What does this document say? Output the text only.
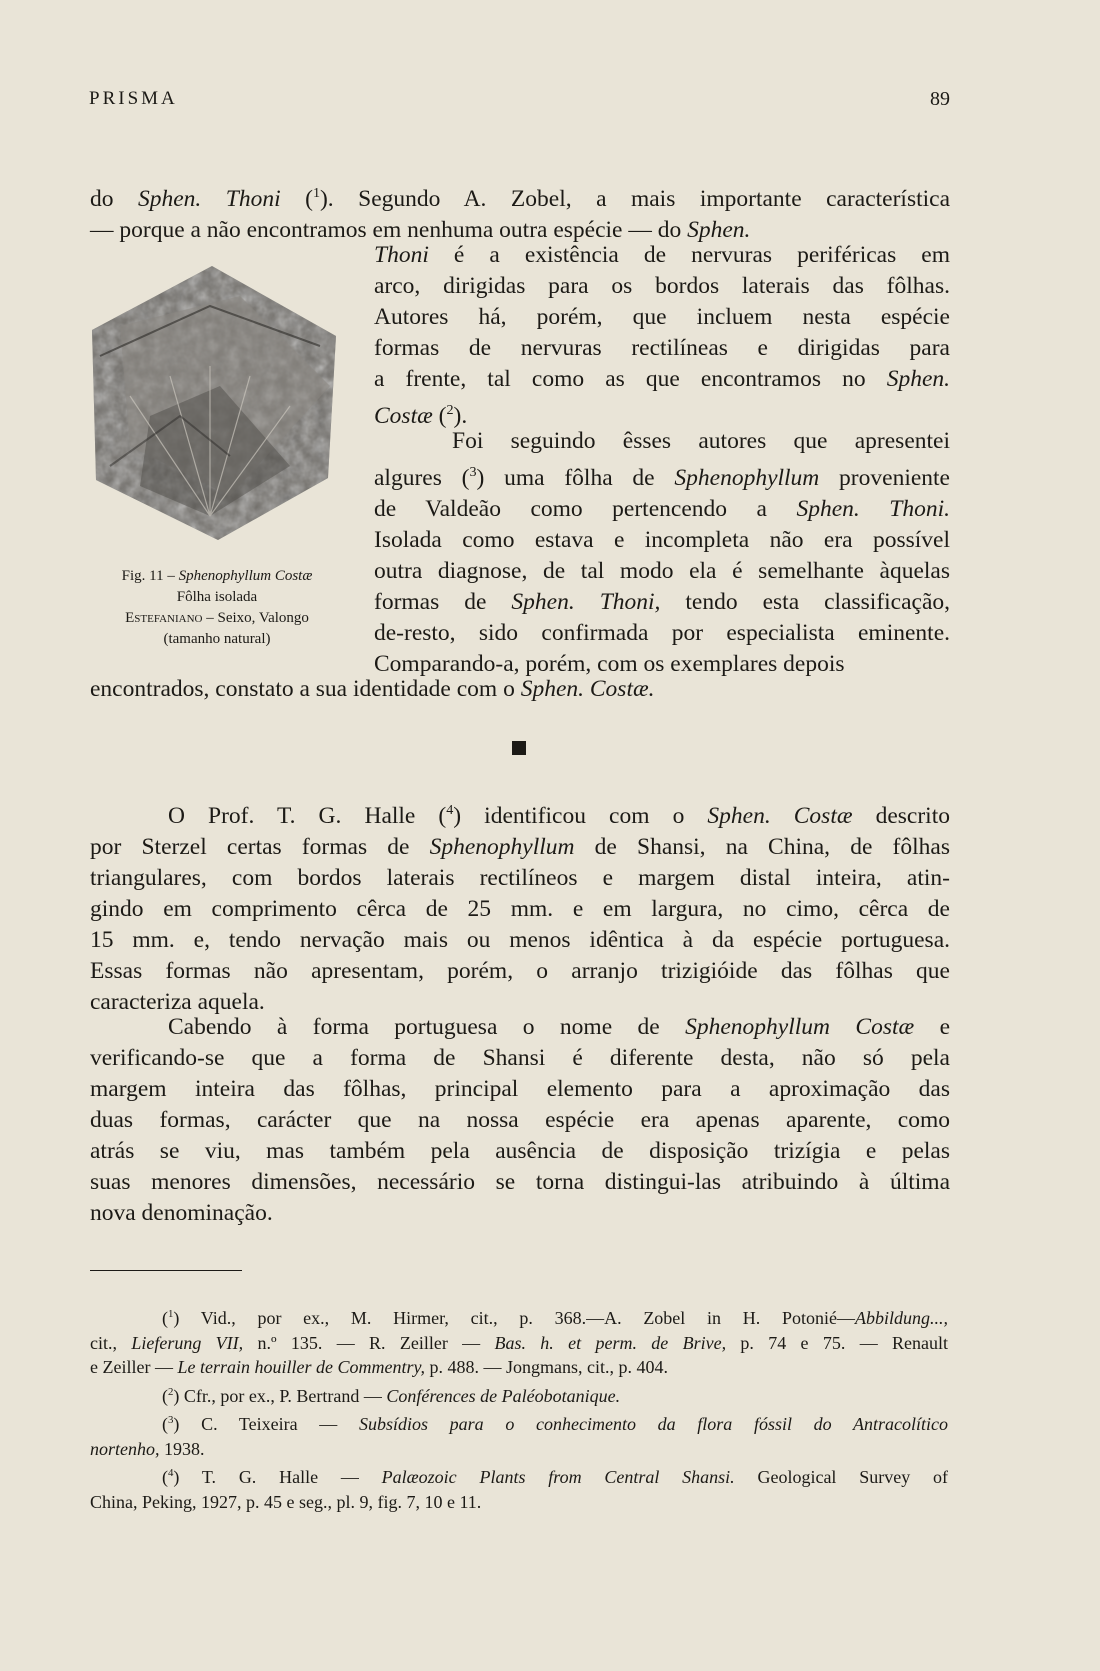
PRISMA	89
do Sphen. Thoni ($^1$). Segundo A. Zobel, a mais importante característica
— porque a não encontramos em nenhuma outra espécie — do Sphen.
Thoni é a existência de nervuras periféricas em
arco, dirigidas para os bordos laterais das fôlhas.
Autores há, porém, que incluem nesta espécie
formas de nervuras rectilíneas e dirigidas para
a frente, tal como as que encontramos no Sphen.
Costæ ($^2$).
Foi seguindo êsses autores que apresentei
algures ($^3$) uma fôlha de Sphenophyllum proveniente
de Valdeão como pertencendo a Sphen. Thoni.
Isolada como estava e incompleta não era possível
outra diagnose, de tal modo ela é semelhante àquelas
formas de Sphen. Thoni, tendo esta classificação,
de-resto, sido confirmada por especialista eminente.
Comparando-a, porém, com os exemplares depois
encontrados, constato a sua identidade com o Sphen. Costæ.
Fig. 11 – Sphenophyllum Costæ
Fôlha isolada
Estefaniano – Seixo, Valongo
(tamanho natural)
O Prof. T. G. Halle ($^4$) identificou com o Sphen. Costæ descrito
por Sterzel certas formas de Sphenophyllum de Shansi, na China, de fôlhas
triangulares, com bordos laterais rectilíneos e margem distal inteira, atin-
gindo em comprimento cêrca de 25 mm. e em largura, no cimo, cêrca de
15 mm. e, tendo nervação mais ou menos idêntica à da espécie portuguesa.
Essas formas não apresentam, porém, o arranjo trizigióide das fôlhas que
caracteriza aquela.
Cabendo à forma portuguesa o nome de Sphenophyllum Costæ e
verificando-se que a forma de Shansi é diferente desta, não só pela
margem inteira das fôlhas, principal elemento para a aproximação das
duas formas, carácter que na nossa espécie era apenas aparente, como
atrás se viu, mas também pela ausência de disposição trizígia e pelas
suas menores dimensões, necessário se torna distingui-las atribuindo à última
nova denominação.
($^1$) Vid., por ex., M. Hirmer, cit., p. 368.—A. Zobel in H. Potonié—Abbildung...,
cit., Lieferung VII, n.º 135. — R. Zeiller — Bas. h. et perm. de Brive, p. 74 e 75. — Renault
e Zeiller — Le terrain houiller de Commentry, p. 488. — Jongmans, cit., p. 404.
($^2$) Cfr., por ex., P. Bertrand — Conférences de Paléobotanique.
($^3$) C. Teixeira — Subsídios para o conhecimento da flora fóssil do Antracolítico
nortenho, 1938.
($^4$) T. G. Halle — Palæozoic Plants from Central Shansi. Geological Survey of
China, Peking, 1927, p. 45 e seg., pl. 9, fig. 7, 10 e 11.
